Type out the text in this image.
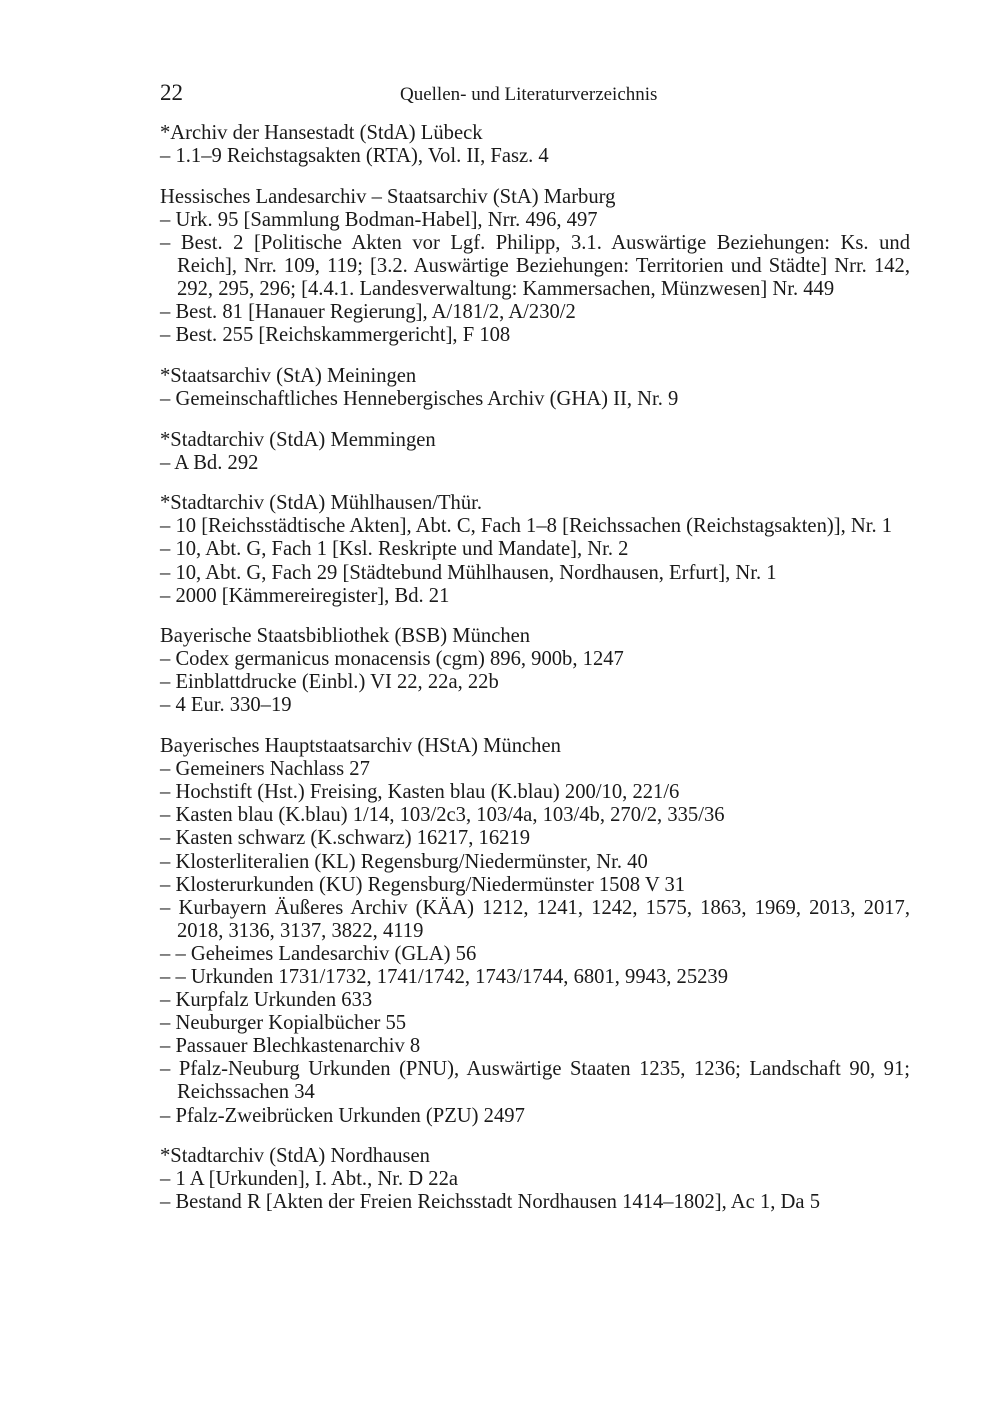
22	Quellen- und Literaturverzeichnis
*Archiv der Hansestadt (StdA) Lübeck
– 1.1–9 Reichstagsakten (RTA), Vol. II, Fasz. 4
Hessisches Landesarchiv – Staatsarchiv (StA) Marburg
– Urk. 95 [Sammlung Bodman-Habel], Nrr. 496, 497
– Best. 2 [Politische Akten vor Lgf. Philipp, 3.1. Auswärtige Beziehungen: Ks. und Reich], Nrr. 109, 119; [3.2. Auswärtige Beziehungen: Territorien und Städte] Nrr. 142, 292, 295, 296; [4.4.1. Landesverwaltung: Kammersachen, Münzwesen] Nr. 449
– Best. 81 [Hanauer Regierung], A/181/2, A/230/2
– Best. 255 [Reichskammergericht], F 108
*Staatsarchiv (StA) Meiningen
– Gemeinschaftliches Hennebergisches Archiv (GHA) II, Nr. 9
*Stadtarchiv (StdA) Memmingen
– A Bd. 292
*Stadtarchiv (StdA) Mühlhausen/Thür.
– 10 [Reichsstädtische Akten], Abt. C, Fach 1–8 [Reichssachen (Reichstagsakten)], Nr. 1
– 10, Abt. G, Fach 1 [Ksl. Reskripte und Mandate], Nr. 2
– 10, Abt. G, Fach 29 [Städtebund Mühlhausen, Nordhausen, Erfurt], Nr. 1
– 2000 [Kämmereiregister], Bd. 21
Bayerische Staatsbibliothek (BSB) München
– Codex germanicus monacensis (cgm) 896, 900b, 1247
– Einblattdrucke (Einbl.) VI 22, 22a, 22b
– 4 Eur. 330–19
Bayerisches Hauptstaatsarchiv (HStA) München
– Gemeiners Nachlass 27
– Hochstift (Hst.) Freising, Kasten blau (K.blau) 200/10, 221/6
– Kasten blau (K.blau) 1/14, 103/2c3, 103/4a, 103/4b, 270/2, 335/36
– Kasten schwarz (K.schwarz) 16217, 16219
– Klosterliteralien (KL) Regensburg/Niedermünster, Nr. 40
– Klosterurkunden (KU) Regensburg/Niedermünster 1508 V 31
– Kurbayern Äußeres Archiv (KÄA) 1212, 1241, 1242, 1575, 1863, 1969, 2013, 2017, 2018, 3136, 3137, 3822, 4119
– – Geheimes Landesarchiv (GLA) 56
– – Urkunden 1731/1732, 1741/1742, 1743/1744, 6801, 9943, 25239
– Kurpfalz Urkunden 633
– Neuburger Kopialbücher 55
– Passauer Blechkastenarchiv 8
– Pfalz-Neuburg Urkunden (PNU), Auswärtige Staaten 1235, 1236; Landschaft 90, 91; Reichssachen 34
– Pfalz-Zweibrücken Urkunden (PZU) 2497
*Stadtarchiv (StdA) Nordhausen
– 1 A [Urkunden], I. Abt., Nr. D 22a
– Bestand R [Akten der Freien Reichsstadt Nordhausen 1414–1802], Ac 1, Da 5
